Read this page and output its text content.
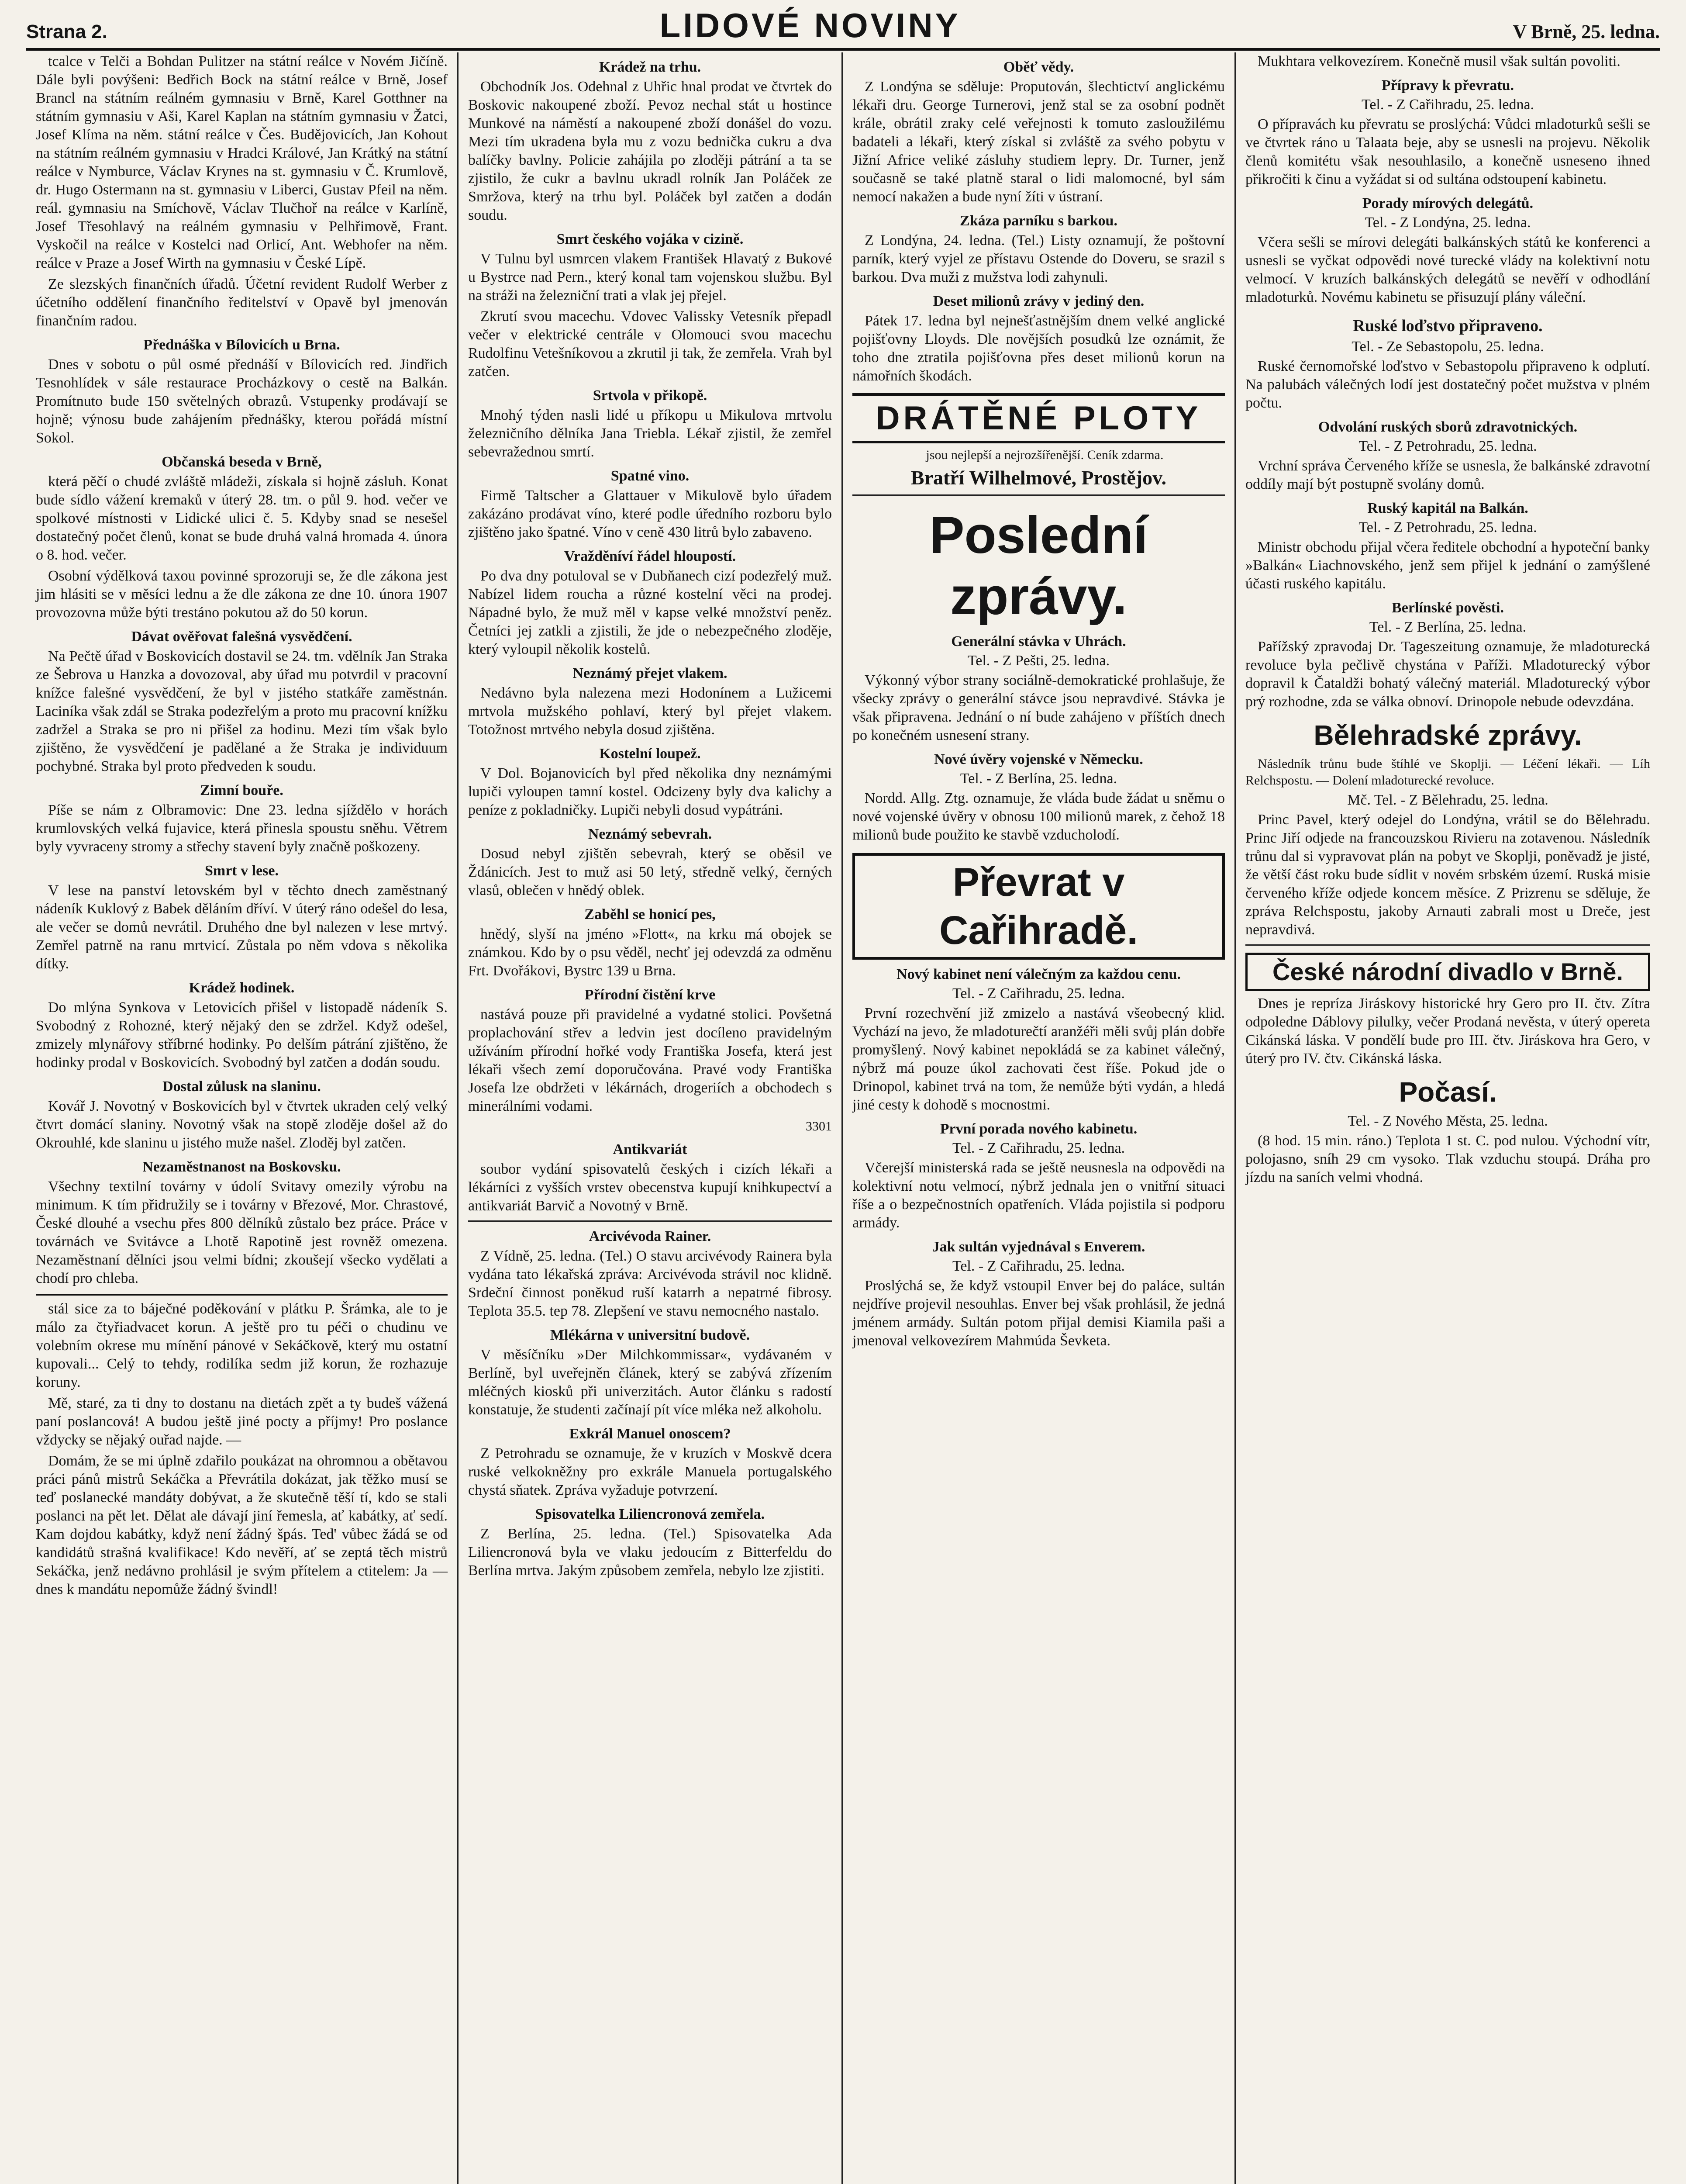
Strana 2.	LIDOVÉ NOVINY	V Brně, 25. ledna.

tcalce v Telči a Bohdan Pulitzer na státní reálce v Novém Jičíně. Dále byli povýšeni: Bedřich Bock na státní reálce v Brně, Josef Brancl na státním reálném gymnasiu v Brně, Karel Gotthner na státním gymnasiu v Aši, Karel Kaplan na státním gymnasiu v Žatci, Josef Klíma na něm. státní reálce v Čes. Budějovicích, Jan Kohout na státním reálném gymnasiu v Hradci Králové, Jan Krátký na státní reálce v Nymburce, Václav Krynes na st. gymnasiu v Č. Krumlově, dr. Hugo Ostermann na st. gymnasiu v Liberci, Gustav Pfeil na něm. reál. gymnasiu na Smíchově, Václav Tlučhoř na reálce v Karlíně, Josef Třesohlavý na reálném gymnasiu v Pelhřimově, Frant. Vyskočil na reálce v Kostelci nad Orlicí, Ant. Webhofer na něm. reálce v Praze a Josef Wirth na gymnasiu v České Lípě.

Ze slezských finančních úřadů. Účetní revident Rudolf Werber z účetního oddělení finančního ředitelství v Opavě byl jmenován finančním radou.

Přednáška v Bílovicích u Brna.

Dnes v sobotu o půl osmé přednáší v Bílovicích red. Jindřich Tesnohlídek v sále restaurace Procházkovy o cestě na Balkán. Promítnuto bude 150 světelných obrazů. Vstupenky prodávají se hojně; výnosu bude zahájením přednášky, kterou pořádá místní Sokol.

Občanská beseda v Brně,

která pěčí o chudé zvláště mládeži, získala si hojně zásluh. Konat bude sídlo vážení kremaků v úterý 28. tm. o půl 9. hod. večer ve spolkové místnosti v Lidické ulici č. 5. Kdyby snad se nesešel dostatečný počet členů, konat se bude druhá valná hromada 4. února o 8. hod. večer.

Osobní výdělková taxou povinné sprozoruji se, že dle zákona jest jim hlásiti se v měsíci lednu a že dle zákona ze dne 10. února 1907 provozovna může býti trestáno pokutou až do 50 korun.

Dávat ověřovat falešná vysvědčení.

Na Pečtě úřad v Boskovicích dostavil se 24. tm. vdělník Jan Straka ze Šebrova u Hanzka a dovozoval, aby úřad mu potvrdil v pracovní knížce falešné vysvědčení, že byl v jistého statkáře zaměstnán. Laciníka však zdál se Straka podezřelým a proto mu pracovní knížku zadržel a Straka se pro ni přišel za hodinu. Mezi tím však bylo zjištěno, že vysvědčení je padělané a že Straka je individuum pochybné. Straka byl proto předveden k soudu.

Zimní bouře.

Píše se nám z Olbramovic: Dne 23. ledna sjíždělo v horách krumlovských velká fujavice, která přinesla spoustu sněhu. Větrem byly vyvraceny stromy a střechy stavení byly značně poškozeny.

Smrt v lese.

V lese na panství letovském byl v těchto dnech zaměstnaný nádeník Kuklový z Babek děláním dříví. V úterý ráno odešel do lesa, ale večer se domů nevrátil. Druhého dne byl nalezen v lese mrtvý. Zemřel patrně na ranu mrtvicí. Zůstala po něm vdova s několika dítky.

Krádež hodinek.

Do mlýna Synkova v Letovicích přišel v listopadě nádeník S. Svobodný z Rohozné, který nějaký den se zdržel. Když odešel, zmizely mlynářovy stříbrné hodinky. Po delším pátrání zjištěno, že hodinky prodal v Boskovicích. Svobodný byl zatčen a dodán soudu.

Dostal zůlusk na slaninu.

Kovář J. Novotný v Boskovicích byl v čtvrtek ukraden celý velký čtvrt domácí slaniny. Novotný však na stopě zloděje došel až do Okrouhlé, kde slaninu u jistého muže našel. Zloděj byl zatčen.

Nezaměstnanost na Boskovsku.

Všechny textilní továrny v údolí Svitavy omezily výrobu na minimum. K tím přidružily se i továrny v Březové, Mor. Chrastové, České dlouhé a vsechu přes 800 dělníků zůstalo bez práce. Práce v továrnách ve Svitávce a Lhotě Rapotině jest rovněž omezena. Nezaměstnaní dělníci jsou velmi bídni; zkoušejí všecko vydělati a chodí pro chleba.

stál sice za to báječné poděkování v plátku P. Šrámka, ale to je málo za čtyřiadvacet korun. A ještě pro tu péči o chudinu ve volebním okrese mu mínění pánové v Sekáčkově, který mu ostatní kupovali... Celý to tehdy, rodilíka sedm již korun, že rozhazuje koruny.

Mě, staré, za ti dny to dostanu na dietách zpět a ty budeš vážená paní poslancová! A budou ještě jiné pocty a příjmy! Pro poslance vždycky se nějaký ouřad najde. —

Domám, že se mi úplně zdařilo poukázat na ohromnou a obětavou práci pánů mistrů Sekáčka a Převrátila dokázat, jak těžko musí se teď poslanecké mandáty dobývat, a že skutečně těší tí, kdo se stali poslanci na pět let. Dělat ale dávají jiní řemesla, ať kabátky, ať sedí. Kam dojdou kabátky, když není žádný špás. Ted' vůbec žádá se od kandidátů strašná kvalifikace! Kdo nevěří, ať se zeptá těch mistrů Sekáčka, jenž nedávno prohlásil je svým přítelem a ctitelem: Ja — dnes k mandátu nepomůže žádný švindl!

Krádež na trhu.

Obchodník Jos. Odehnal z Uhřic hnal prodat ve čtvrtek do Boskovic nakoupené zboží. Pevoz nechal stát u hostince Munkové na náměstí a nakoupené zboží donášel do vozu. Mezi tím ukradena byla mu z vozu bednička cukru a dva balíčky bavlny. Policie zahájila po zloději pátrání a ta se zjistilo, že cukr a bavlnu ukradl rolník Jan Poláček ze Smržova, který na trhu byl. Poláček byl zatčen a dodán soudu.

Smrt českého vojáka v cizině.

V Tulnu byl usmrcen vlakem František Hlavatý z Bukové u Bystrce nad Pern., který konal tam vojenskou službu. Byl na stráži na železniční trati a vlak jej přejel.

Zkrutí svou macechu. Vdovec Valissky Vetesník přepadl večer v elektrické centrále v Olomouci svou macechu Rudolfinu Vetešníkovou a zkrutil ji tak, že zemřela. Vrah byl zatčen.

Srtvola v přikopě.

Mnohý týden nasli lidé u příkopu u Mikulova mrtvolu železničního dělníka Jana Triebla. Lékař zjistil, že zemřel sebevražednou smrtí.

Spatné vino.

Firmě Taltscher a Glattauer v Mikulově bylo úřadem zakázáno prodávat víno, které podle úředního rozboru bylo zjištěno jako špatné. Víno v ceně 430 litrů bylo zabaveno.

Vražděníví řádel hloupostí.

Po dva dny potuloval se v Dubňanech cizí podezřelý muž. Nabízel lidem roucha a různé kostelní věci na prodej. Nápadné bylo, že muž měl v kapse velké množství peněz. Četníci jej zatkli a zjistili, že jde o nebezpečného zloděje, který vyloupil několik kostelů.

Neznámý přejet vlakem.

Nedávno byla nalezena mezi Hodonínem a Lužicemi mrtvola mužského pohlaví, který byl přejet vlakem. Totožnost mrtvého nebyla dosud zjištěna.

Kostelní loupež.

V Dol. Bojanovicích byl před několika dny neznámými lupiči vyloupen tamní kostel. Odcizeny byly dva kalichy a peníze z pokladničky. Lupiči nebyli dosud vypátráni.

Neznámý sebevrah.

Dosud nebyl zjištěn sebevrah, který se oběsil ve Ždánicích. Jest to muž asi 50 letý, středně velký, černých vlasů, oblečen v hnědý oblek.

Zaběhl se honicí pes,

hnědý, slyší na jméno »Flott«, na krku má obojek se známkou. Kdo by o psu věděl, nechť jej odevzdá za odměnu Frt. Dvořákovi, Bystrc 139 u Brna.

Přírodní čistění krve

nastává pouze při pravidelné a vydatné stolici. Povšetná proplachování střev a ledvin jest docíleno pravidelným užíváním přírodní hořké vody Františka Josefa, která jest lékaři všech zemí doporučována. Pravé vody Františka Josefa lze obdržeti v lékárnách, drogeriích a obchodech s minerálními vodami.

3301

Antikvariát

soubor vydání spisovatelů českých i cizích lékaři a lékárníci z vyšších vrstev obecenstva kupují knihkupectví a antikvariát Barvič a Novotný v Brně.

Arcivévoda Rainer.

Z Vídně, 25. ledna. (Tel.) O stavu arcivévody Rainera byla vydána tato lékařská zpráva: Arcivévoda strávil noc klidně. Srdeční činnost poněkud ruší katarrh a nepatrné fibrosy. Teplota 35.5. tep 78. Zlepšení ve stavu nemocného nastalo.

Mlékárna v universitní budově.

V měsíčníku »Der Milchkommissar«, vydávaném v Berlíně, byl uveřejněn článek, který se zabývá zřízením mléčných kiosků při univerzitách. Autor článku s radostí konstatuje, že studenti začínají pít více mléka než alkoholu.

Exkrál Manuel onoscem?

Z Petrohradu se oznamuje, že v kruzích v Moskvě dcera ruské velkokněžny pro exkrále Manuela portugalského chystá sňatek. Zpráva vyžaduje potvrzení.

Spisovatelka Liliencronová zemřela.

Z Berlína, 25. ledna. (Tel.) Spisovatelka Ada Liliencronová byla ve vlaku jedoucím z Bitterfeldu do Berlína mrtva. Jakým způsobem zemřela, nebylo lze zjistiti.

Oběť vědy.

Z Londýna se sděluje: Proputován, šlechtictví anglickému lékaři dru. George Turnerovi, jenž stal se za osobní podnět krále, obrátil zraky celé veřejnosti k tomuto zasloužilému badateli a lékaři, který získal si zvláště za svého pobytu v Jižní Africe veliké zásluhy studiem lepry. Dr. Turner, jenž současně se také platně staral o lidi malomocné, byl sám nemocí nakažen a bude nyní žíti v ústraní.

Zkáza parníku s barkou.

Z Londýna, 24. ledna. (Tel.) Listy oznamují, že poštovní parník, který vyjel ze přístavu Ostende do Doveru, se srazil s barkou. Dva muži z mužstva lodi zahynuli.

Deset milionů zrávy v jediný den.

Pátek 17. ledna byl nejnešťastnějším dnem velké anglické pojišťovny Lloyds. Dle novějších posudků lze oznámit, že toho dne ztratila pojišťovna přes deset milionů korun na námořních škodách.

DRÁTĚNÉ PLOTY

jsou nejlepší a nejrozšířenější. Ceník zdarma.

Bratří Wilhelmové, Prostějov.
Poslední zprávy.
Generální stávka v Uhrách.
Tel. - Z Pešti, 25. ledna.

Výkonný výbor strany sociálně-demokratické prohlašuje, že všecky zprávy o generální stávce jsou nepravdivé. Stávka je však připravena. Jednání o ní bude zahájeno v příštích dnech po konečném usnesení strany.

Nové úvěry vojenské v Německu.
Tel. - Z Berlína, 25. ledna.

Nordd. Allg. Ztg. oznamuje, že vláda bude žádat u sněmu o nové vojenské úvěry v obnosu 100 milionů marek, z čehož 18 milionů bude použito ke stavbě vzducholodí.

Převrat v Cařihradě.
Nový kabinet není válečným za každou cenu.
Tel. - Z Cařihradu, 25. ledna.

První rozechvění již zmizelo a nastává všeobecný klid. Vychází na jevo, že mladoturečtí aranžéři měli svůj plán dobře promyšlený. Nový kabinet nepokládá se za kabinet válečný, nýbrž má pouze úkol zachovati čest říše. Pokud jde o Drinopol, kabinet trvá na tom, že nemůže býti vydán, a hledá jiné cesty k dohodě s mocnostmi.

První porada nového kabinetu.
Tel. - Z Cařihradu, 25. ledna.

Včerejší ministerská rada se ještě neusnesla na odpovědi na kolektivní notu velmocí, nýbrž jednala jen o vnitřní situaci říše a o bezpečnostních opatřeních. Vláda pojistila si podporu armády.

Jak sultán vyjednával s Enverem.
Tel. - Z Cařihradu, 25. ledna.

Proslýchá se, že když vstoupil Enver bej do paláce, sultán nejdříve projevil nesouhlas. Enver bej však prohlásil, že jedná jménem armády. Sultán potom přijal demisi Kiamila paši a jmenoval velkovezírem Mahmúda Ševketa.

Mukhtara velkovezírem. Konečně musil však sultán povoliti.

Přípravy k převratu.
Tel. - Z Cařihradu, 25. ledna.

O přípravách ku převratu se proslýchá: Vůdci mladoturků sešli se ve čtvrtek ráno u Talaata beje, aby se usnesli na projevu. Několik členů komitétu však nesouhlasilo, a konečně usneseno ihned přikročiti k činu a vyžádat si od sultána odstoupení kabinetu.

Porady mírových delegátů.
Tel. - Z Londýna, 25. ledna.

Včera sešli se mírovi delegáti balkánských států ke konferenci a usnesli se vyčkat odpovědi nové turecké vlády na kolektivní notu velmocí. V kruzích balkánských delegátů se nevěří v odhodlání mladoturků. Novému kabinetu se přisuzují plány váleční.

Ruské loďstvo připraveno.
Tel. - Ze Sebastopolu, 25. ledna.

Ruské černomořské loďstvo v Sebastopolu připraveno k odplutí. Na palubách válečných lodí jest dostatečný počet mužstva v plném počtu.

Odvolání ruských sborů zdravotnických.
Tel. - Z Petrohradu, 25. ledna.

Vrchní správa Červeného kříže se usnesla, že balkánské zdravotní oddíly mají být postupně svolány domů.

Ruský kapitál na Balkán.
Tel. - Z Petrohradu, 25. ledna.

Ministr obchodu přijal včera ředitele obchodní a hypoteční banky »Balkán« Liachnovského, jenž sem přijel k jednání o zamýšlené účasti ruského kapitálu.

Berlínské pověsti.
Tel. - Z Berlína, 25. ledna.

Pařížský zpravodaj Dr. Tageszeitung oznamuje, že mladoturecká revoluce byla pečlivě chystána v Paříži. Mladoturecký výbor dopravil k Čataldži bohatý válečný materiál. Mladoturecký výbor prý rozhodne, zda se válka obnoví. Drinopole nebude odevzdána.

Bělehradské zprávy.

Následník trůnu bude štíhlé ve Skoplji. — Léčení lékaři. — Líh Relchspostu. — Dolení mladoturecké revoluce.

Mč. Tel. - Z Bělehradu, 25. ledna.

Princ Pavel, který odejel do Londýna, vrátil se do Bělehradu. Princ Jiří odjede na francouzskou Rivieru na zotavenou. Následník trůnu dal si vypravovat plán na pobyt ve Skoplji, poněvadž je jisté, že větší část roku bude sídlit v novém srbském území. Ruská misie červeného kříže odjede koncem měsíce. Z Prizrenu se sděluje, že zpráva Relchspostu, jakoby Arnauti zabrali most u Dreče, jest nepravdivá.

České národní divadlo v Brně.

Dnes je repríza Jiráskovy historické hry Gero pro II. čtv. Zítra odpoledne Dáblovy pilulky, večer Prodaná nevěsta, v úterý opereta Cikánská láska. V pondělí bude pro III. čtv. Jiráskova hra Gero, v úterý pro IV. čtv. Cikánská láska.

Počasí.
Tel. - Z Nového Města, 25. ledna.

(8 hod. 15 min. ráno.) Teplota 1 st. C. pod nulou. Východní vítr, polojasno, sníh 29 cm vysoko. Tlak vzduchu stoupá. Dráha pro jízdu na saních velmi vhodná.
